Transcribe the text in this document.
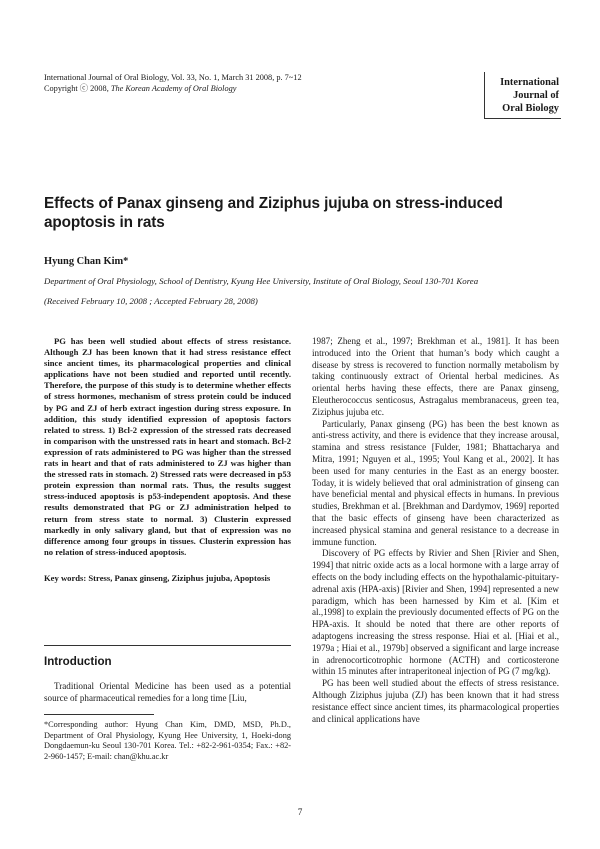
International Journal of Oral Biology, Vol. 33, No. 1, March 31 2008, p. 7~12
Copyright ⓒ 2008, The Korean Academy of Oral Biology
International
Journal of
Oral Biology
Effects of Panax ginseng and Ziziphus jujuba on stress-induced apoptosis in rats
Hyung Chan Kim*
Department of Oral Physiology, School of Dentistry, Kyung Hee University, Institute of Oral Biology, Seoul 130-701 Korea
(Received February 10, 2008 ; Accepted February 28, 2008)

PG has been well studied about effects of stress resistance. Although ZJ has been known that it had stress resistance effect since ancient times, its pharmacological properties and clinical applications have not been studied and reported until recently. Therefore, the purpose of this study is to determine whether effects of stress hormones, mechanism of stress protein could be induced by PG and ZJ of herb extract ingestion during stress exposure. In addition, this study identified expression of apoptosis factors related to stress. 1) Bcl-2 expression of the stressed rats decreased in comparison with the unstressed rats in heart and stomach. Bcl-2 expression of rats administered to PG was higher than the stressed rats in heart and that of rats administered to ZJ was higher than the stressed rats in stomach. 2) Stressed rats were decreased in p53 protein expression than normal rats. Thus, the results suggest stress-induced apoptosis is p53-independent apoptosis. And these results demonstrated that PG or ZJ administration helped to return from stress state to normal. 3) Clusterin expressed markedly in only salivary gland, but that of expression was no difference among four groups in tissues. Clusterin expression has no relation of stress-induced apoptosis.

Key words: Stress, Panax ginseng, Ziziphus jujuba, Apoptosis

Introduction

Traditional Oriental Medicine has been used as a potential source of pharmaceutical remedies for a long time [Liu,

*Corresponding author: Hyung Chan Kim, DMD, MSD, Ph.D., Department of Oral Physiology, Kyung Hee University, 1, Hoeki-dong Dongdaemun-ku Seoul 130-701 Korea. Tel.: +82-2-961-0354; Fax.: +82-2-960-1457; E-mail: chan@khu.ac.kr

1987; Zheng et al., 1997; Brekhman et al., 1981]. It has been introduced into the Orient that human’s body which caught a disease by stress is recovered to function normally metabolism by taking continuously extract of Oriental herbal medicines. As oriental herbs having these effects, there are Panax ginseng, Eleutherococcus senticosus, Astragalus membranaceus, green tea, Ziziphus jujuba etc.

Particularly, Panax ginseng (PG) has been the best known as anti-stress activity, and there is evidence that they increase arousal, stamina and stress resistance [Fulder, 1981; Bhattacharya and Mitra, 1991; Nguyen et al., 1995; Youl Kang et al., 2002]. It has been used for many centuries in the East as an energy booster. Today, it is widely believed that oral administration of ginseng can have beneficial mental and physical effects in humans. In previous studies, Brekhman et al. [Brekhman and Dardymov, 1969] reported that the basic effects of ginseng have been characterized as increased physical stamina and general resistance to a decrease in immune function.

Discovery of PG effects by Rivier and Shen [Rivier and Shen, 1994] that nitric oxide acts as a local hormone with a large array of effects on the body including effects on the hypothalamic-pituitary-adrenal axis (HPA-axis) [Rivier and Shen, 1994] represented a new paradigm, which has been harnessed by Kim et al. [Kim et al.,1998] to explain the previously documented effects of PG on the HPA-axis. It should be noted that there are other reports of adaptogens increasing the stress response. Hiai et al. [Hiai et al., 1979a ; Hiai et al., 1979b] observed a significant and large increase in adrenocorticotrophic hormone (ACTH) and corticosterone within 15 minutes after intraperitoneal injection of PG (7 mg/kg).

PG has been well studied about the effects of stress resistance. Although Ziziphus jujuba (ZJ) has been known that it had stress resistance effect since ancient times, its pharmacological properties and clinical applications have

7
